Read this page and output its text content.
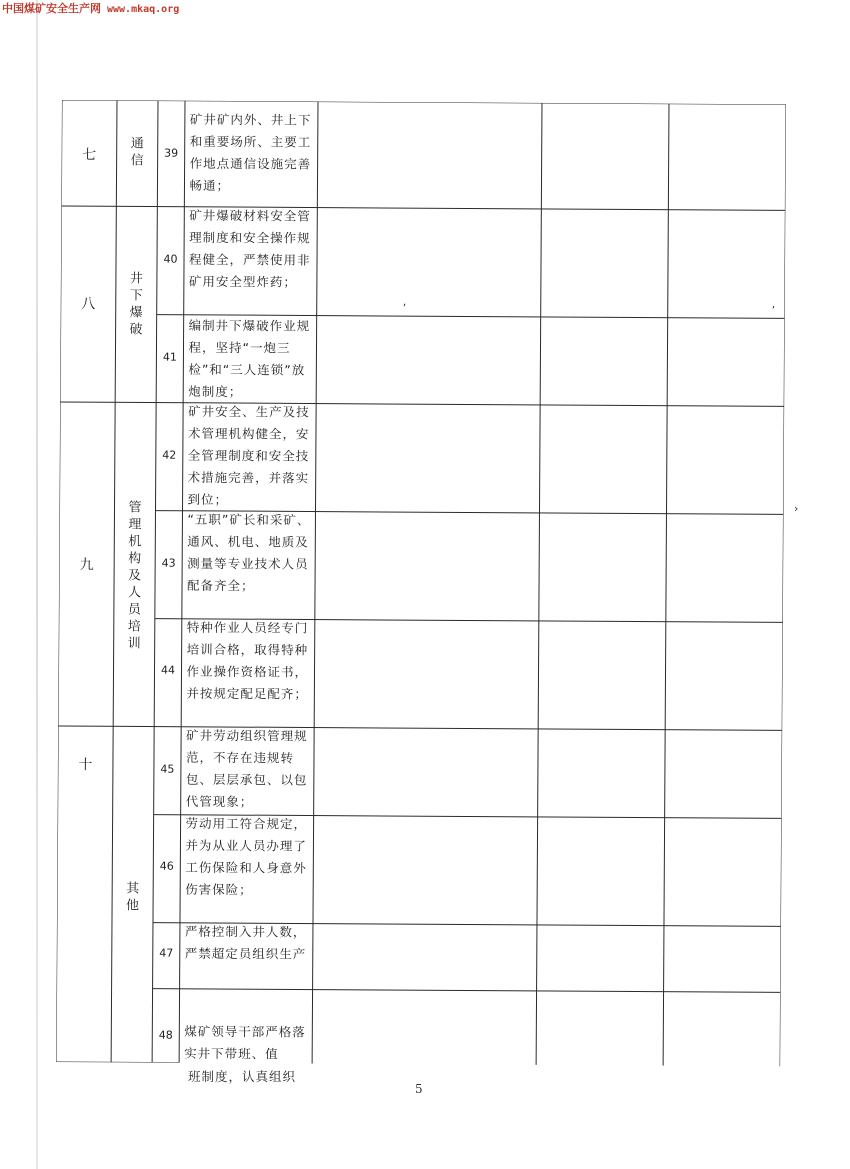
中国煤矿安全生产网 www.mkaq.org
七
通
信
39
矿井矿内外、井上下和重要场所、主要工作地点通信设施完善畅通；
八
井
下
爆
破
40
矿井爆破材料安全管理制度和安全操作规程健全，严禁使用非矿用安全型炸药；
41
编制井下爆破作业规程，坚持“一炮三检”和“三人连锁”放炮制度；
,	,
九
管
理
机
构
及
人
员
培
训
42
矿井安全、生产及技术管理机构健全，安全管理制度和安全技术措施完善，并落实到位；
43
“五职”矿长和采矿、通风、机电、地质及测量等专业技术人员配备齐全；
44
特种作业人员经专门培训合格，取得特种作业操作资格证书，并按规定配足配齐；
十
其
他
45
矿井劳动组织管理规范，不存在违规转包、层层承包、以包代管现象；
46
劳动用工符合规定，并为从业人员办理了工伤保险和人身意外伤害保险；
47
严格控制入井人数，严禁超定员组织生产
48 煤矿领导干部严格落实井下带班、值
班制度，认真组织
›
5
